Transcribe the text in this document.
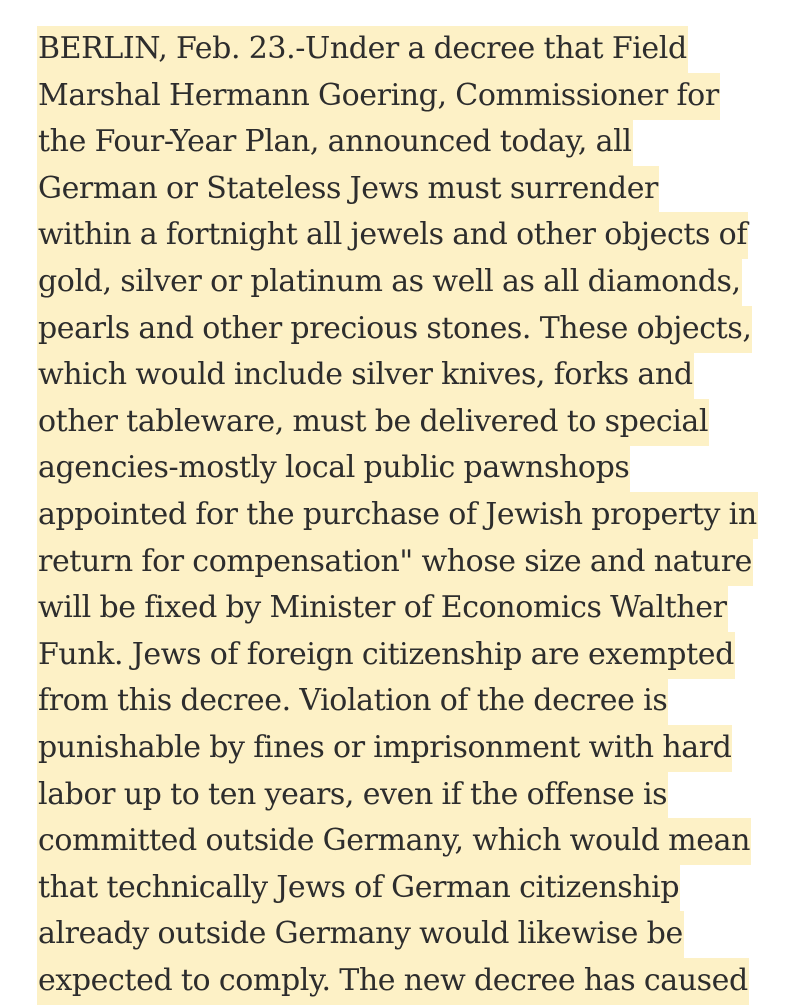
BERLIN, Feb. 23.-Under a decree that Field
Marshal Hermann Goering, Commissioner for
the Four-Year Plan, announced today, all
German or Stateless Jews must surrender
within a fortnight all jewels and other objects of
gold, silver or platinum as well as all diamonds,
pearls and other precious stones. These objects,
which would include silver knives, forks and
other tableware, must be delivered to special
agencies-mostly local public pawnshops
appointed for the purchase of Jewish property in
return for compensation" whose size and nature
will be fixed by Minister of Economics Walther
Funk. Jews of foreign citizenship are exempted
from this decree. Violation of the decree is
punishable by fines or imprisonment with hard
labor up to ten years, even if the offense is
committed outside Germany, which would mean
that technically Jews of German citizenship
already outside Germany would likewise be
expected to comply. The new decree has caused
